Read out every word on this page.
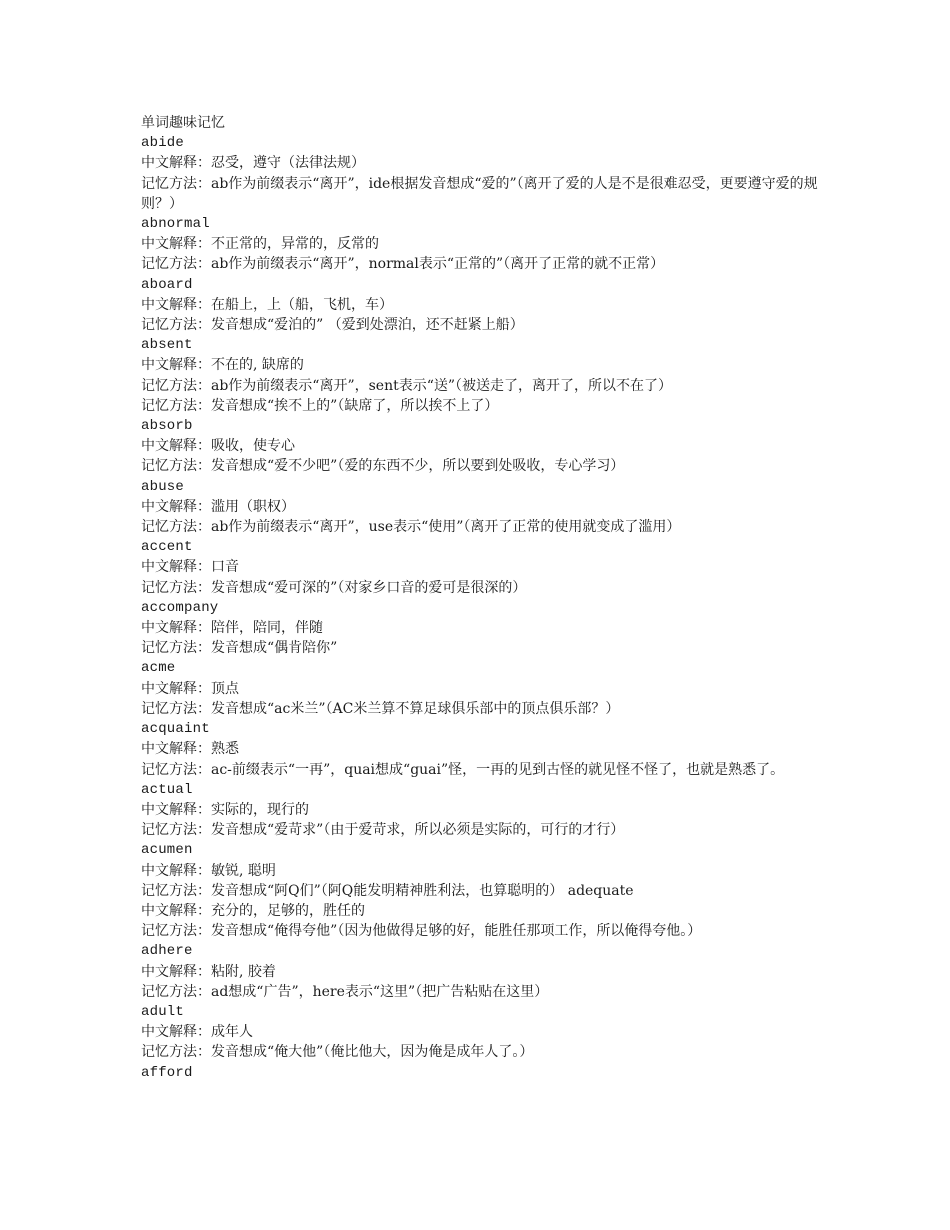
单词趣味记忆
abide
中文解释：忍受，遵守（法律法规）
记忆方法：ab作为前缀表示“离开”，ide根据发音想成“爱的”（离开了爱的人是不是很难忍受，更要遵守爱的规则？）
abnormal
中文解释：不正常的，异常的，反常的
记忆方法：ab作为前缀表示“离开”，normal表示“正常的”（离开了正常的就不正常）
aboard
中文解释：在船上，上（船，飞机，车）
记忆方法：发音想成“爱泊的” （爱到处漂泊，还不赶紧上船）
absent
中文解释：不在的, 缺席的
记忆方法：ab作为前缀表示“离开”，sent表示“送”（被送走了，离开了，所以不在了）
记忆方法：发音想成“挨不上的”（缺席了，所以挨不上了）
absorb
中文解释：吸收，使专心
记忆方法：发音想成“爱不少吧”（爱的东西不少，所以要到处吸收，专心学习）
abuse
中文解释：滥用（职权）
记忆方法：ab作为前缀表示“离开”，use表示“使用”（离开了正常的使用就变成了滥用）
accent
中文解释：口音
记忆方法：发音想成“爱可深的”（对家乡口音的爱可是很深的）
accompany
中文解释：陪伴，陪同，伴随
记忆方法：发音想成“偶肯陪你”
acme
中文解释：顶点
记忆方法：发音想成“ac米兰”（AC米兰算不算足球俱乐部中的顶点俱乐部？）
acquaint
中文解释：熟悉
记忆方法：ac-前缀表示“一再”，quai想成“guai”怪，一再的见到古怪的就见怪不怪了，也就是熟悉了。
actual
中文解释：实际的，现行的
记忆方法：发音想成“爱苛求”（由于爱苛求，所以必须是实际的，可行的才行）
acumen
中文解释：敏锐, 聪明
记忆方法：发音想成“阿Q们”（阿Q能发明精神胜利法，也算聪明的） adequate
中文解释：充分的，足够的，胜任的
记忆方法：发音想成“俺得夸他”（因为他做得足够的好，能胜任那项工作，所以俺得夸他。）
adhere
中文解释：粘附, 胶着
记忆方法：ad想成“广告”，here表示“这里”（把广告粘贴在这里）
adult
中文解释：成年人
记忆方法：发音想成“俺大他”（俺比他大，因为俺是成年人了。）
afford
